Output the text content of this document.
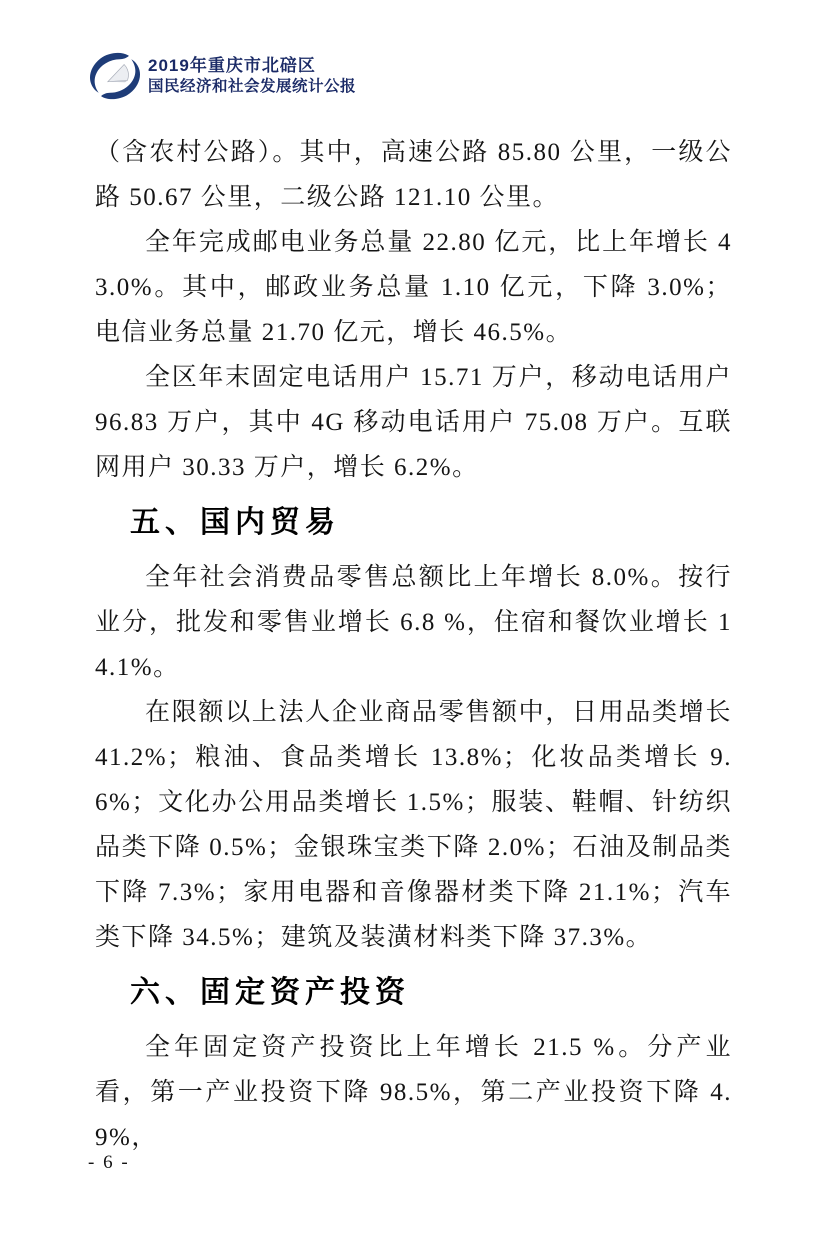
2019年重庆市北碚区
国民经济和社会发展统计公报

（含农村公路）。其中，高速公路 85.80 公里，一级公路 50.67 公里，二级公路 121.10 公里。

全年完成邮电业务总量 22.80 亿元，比上年增长 43.0%。其中，邮政业务总量 1.10 亿元，下降 3.0%；电信业务总量 21.70 亿元，增长 46.5%。

全区年末固定电话用户 15.71 万户，移动电话用户 96.83 万户，其中 4G 移动电话用户 75.08 万户。互联网用户 30.33 万户，增长 6.2%。

五、国内贸易

全年社会消费品零售总额比上年增长 8.0%。按行业分，批发和零售业增长 6.8 %，住宿和餐饮业增长 14.1%。

在限额以上法人企业商品零售额中，日用品类增长 41.2%；粮油、食品类增长 13.8%；化妆品类增长 9.6%；文化办公用品类增长 1.5%；服装、鞋帽、针纺织品类下降 0.5%；金银珠宝类下降 2.0%；石油及制品类下降 7.3%；家用电器和音像器材类下降 21.1%；汽车类下降 34.5%；建筑及装潢材料类下降 37.3%。

六、固定资产投资

全年固定资产投资比上年增长 21.5 %。分产业看，第一产业投资下降 98.5%，第二产业投资下降 4.9%，

- 6 -
